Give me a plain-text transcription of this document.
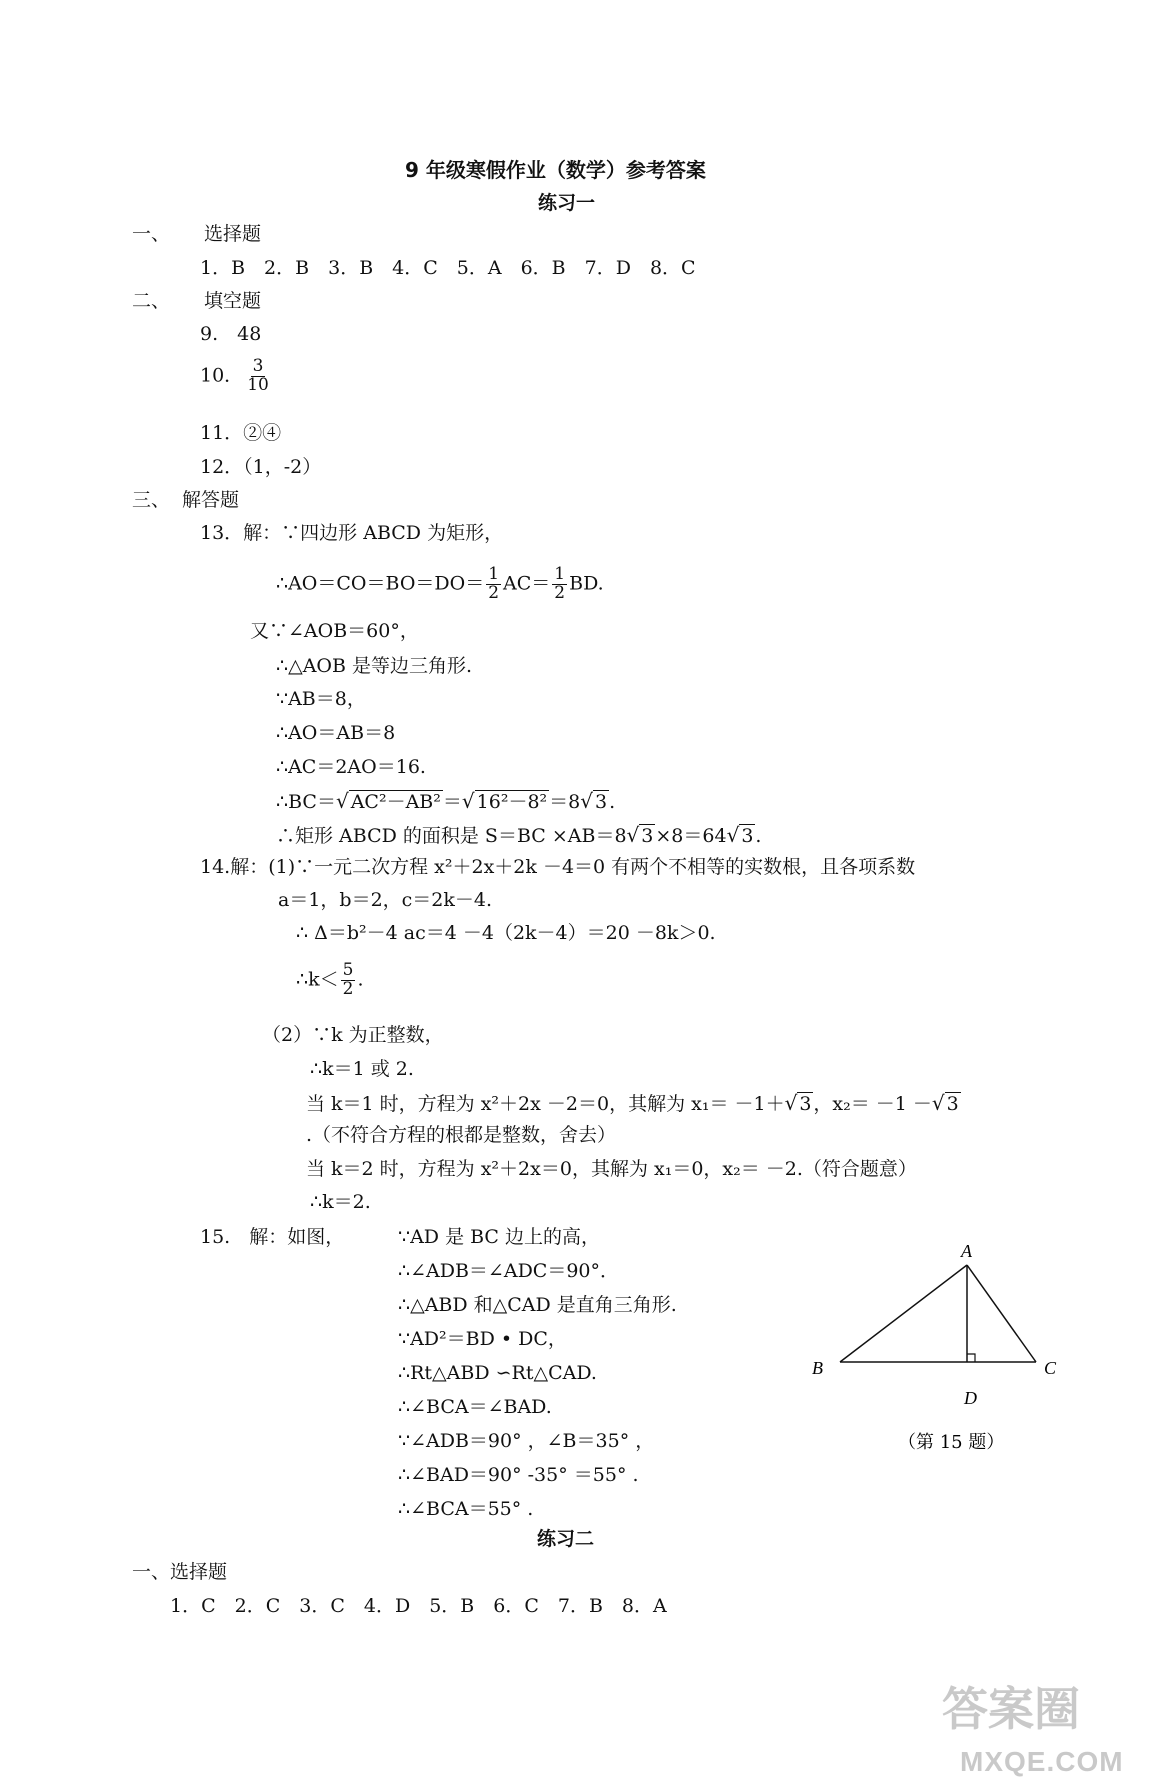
9 年级寒假作业（数学）参考答案
练习一
一、 选择题
1．B　2．B　3．B　4．C　5．A　6．B　7．D　8．C
二、 填空题
9.　48
10． $\frac{3}{10}$
11．②④
12．（1，-2）
三、 解答题
13．解：∵四边形 ABCD 为矩形，
∴AO＝CO＝BO＝DO＝ $\frac{1}{2} AC= \frac{1}{2}$ BD.
又∵∠AOB＝60°，
∴△AOB 是等边三角形.
∵AB＝8，
∴AO＝AB＝8
∴AC＝2AO＝16.
∴BC＝√ AC²－AB² ＝√ 16²－8² ＝8√ 3 .
∴矩形 ABCD 的面积是 S＝BC ×AB＝8√ 3 ×8＝64√ 3 .
14.解：(1)∵一元二次方程 x²＋2x＋2k －4＝0 有两个不相等的实数根，且各项系数
a＝1，b＝2，c＝2k－4.
∴ Δ＝b²－4 ac＝4 －4（2k－4）＝20 －8k＞0.
∴k＜ $\frac{5}{2}$ .
（2）∵k 为正整数，
∴k＝1 或 2.
当 k＝1 时，方程为 x²＋2x －2＝0，其解为 x₁＝ －1＋√ 3 ，x₂＝ －1 －√ 3
.（不符合方程的根都是整数，舍去）
当 k＝2 时，方程为 x²＋2x＝0，其解为 x₁＝0，x₂＝ －2.（符合题意）
∴k＝2.
15.　解：如图，	∵AD 是 BC 边上的高，
∴∠ADB＝∠ADC＝90°．
∴△ABD 和△CAD 是直角三角形.
∵AD²＝BD • DC，
∴Rt△ABD ∽Rt△CAD.
∴∠BCA＝∠BAD.
∵∠ADB＝90° ，∠B＝35° ，
∴∠BAD＝90° -35° ＝55° .
∴∠BCA＝55° .
A
B	C
D
（第 15 题）
练习二
一、选择题
1．C　2．C　3．C　4．D　5．B　6．C　7．B　8．A
答案圈
MXQE.COM
